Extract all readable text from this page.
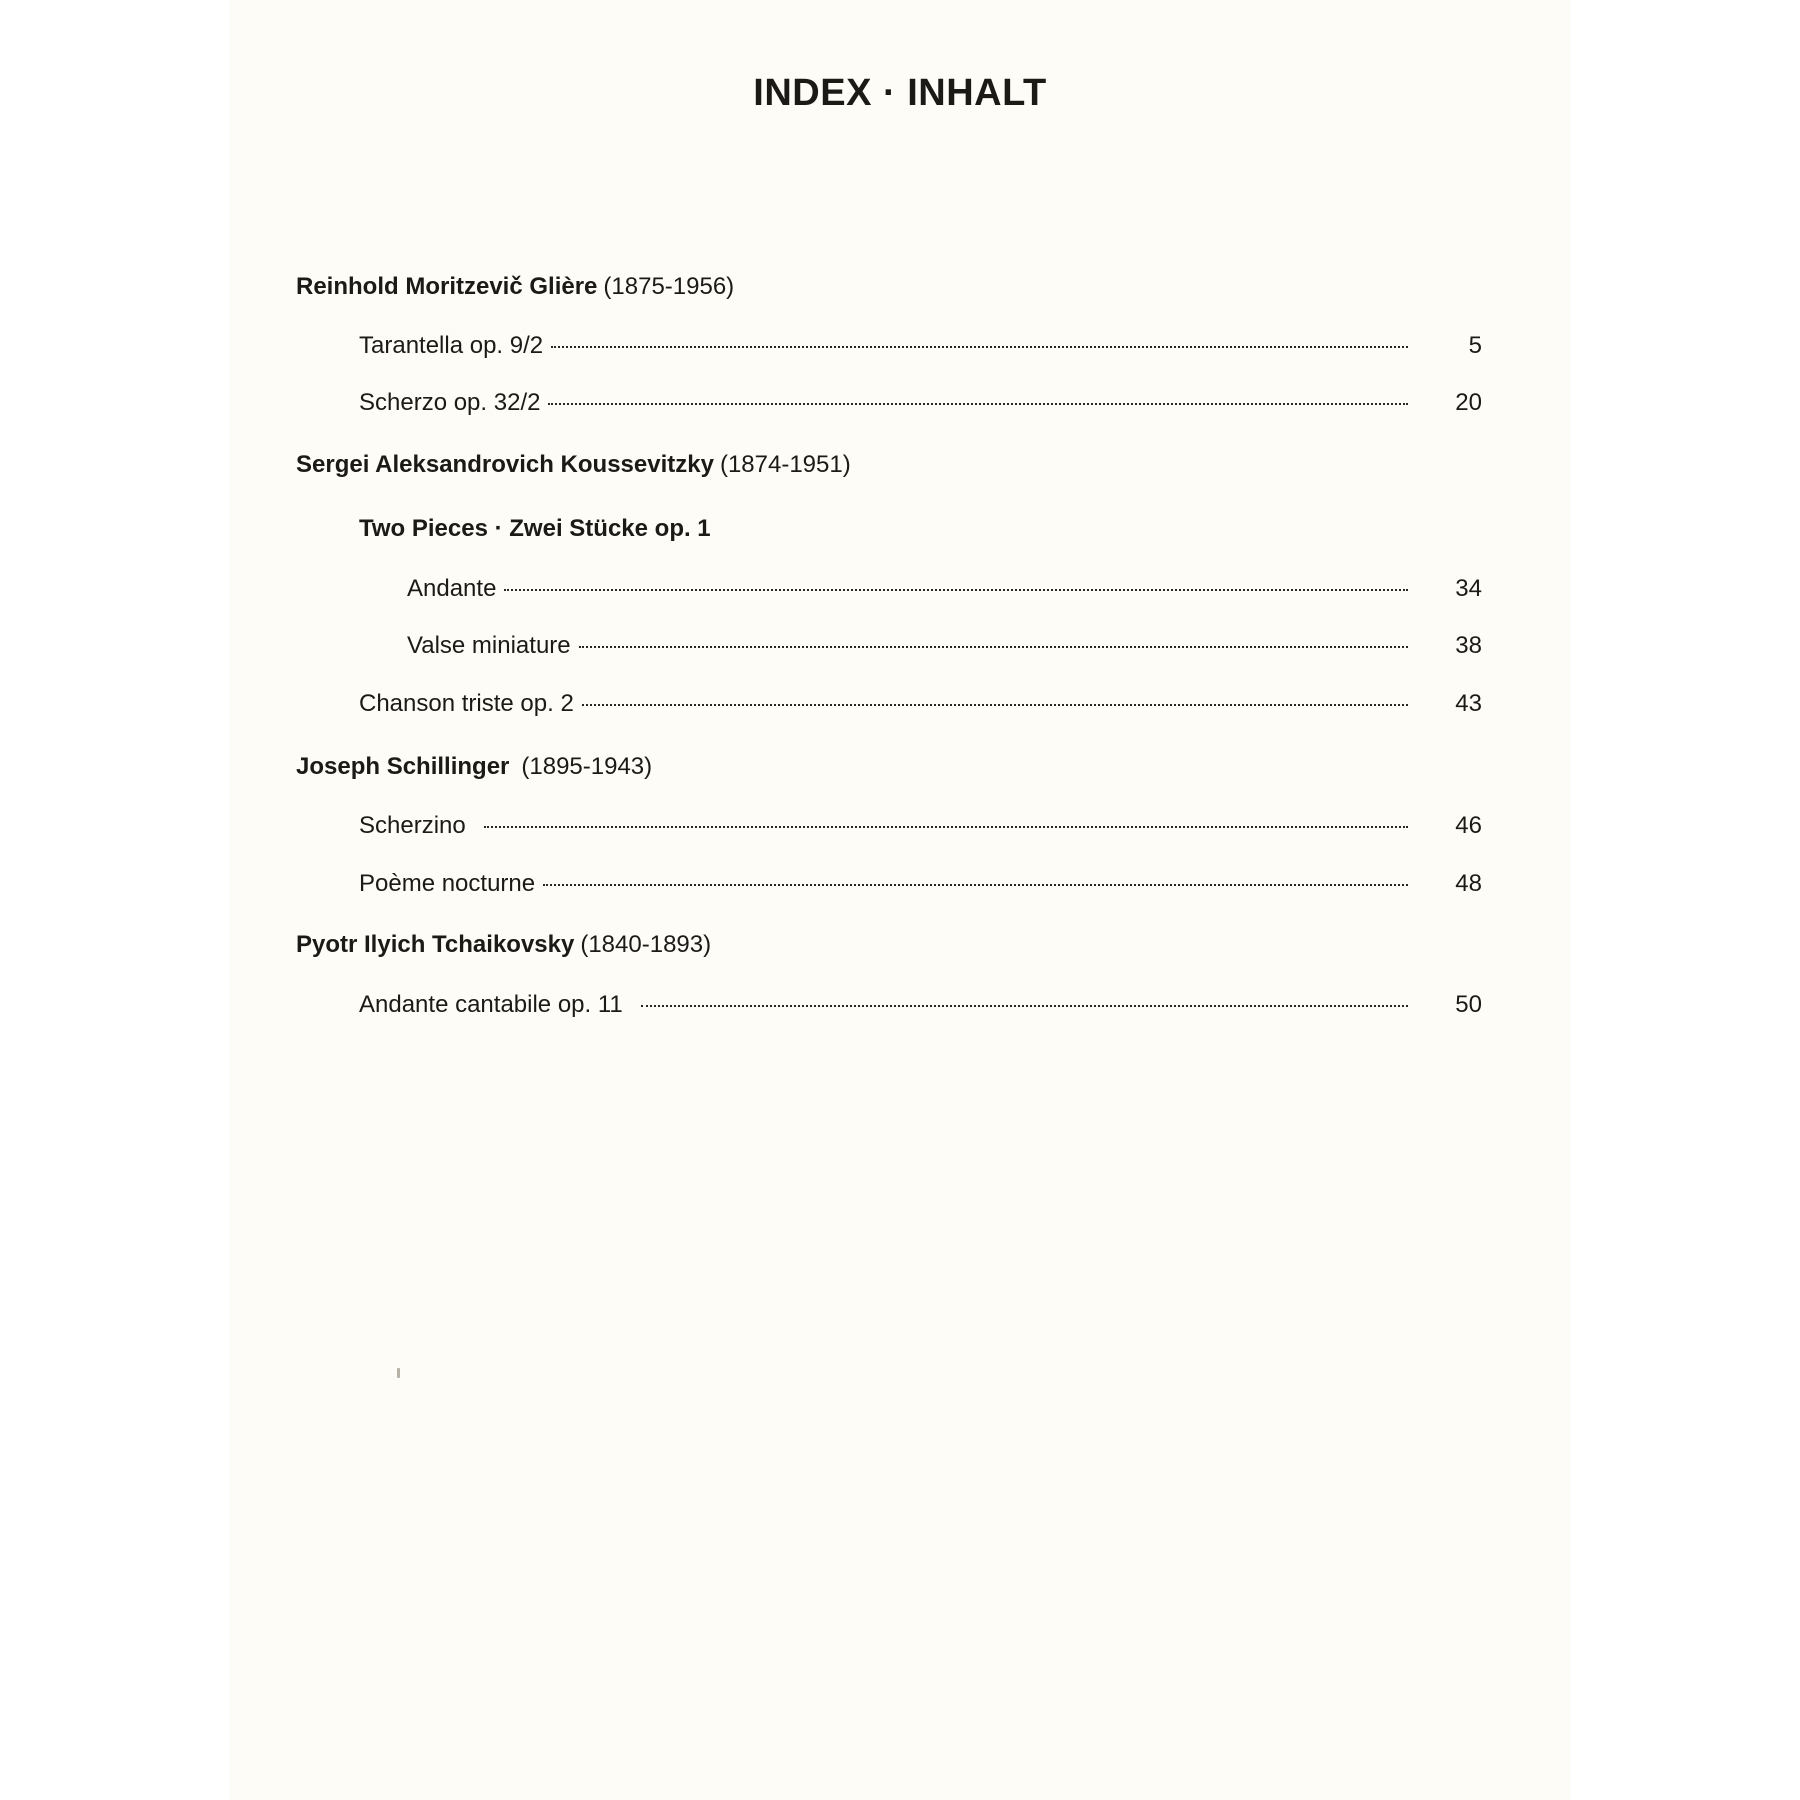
INDEX · INHALT
Reinhold Moritzevič Glière (1875-1956)
Tarantella op. 9/2	5
Scherzo op. 32/2	20
Sergei Aleksandrovich Koussevitzky (1874-1951)
Two Pieces · Zwei Stücke op. 1
Andante	34
Valse miniature	38
Chanson triste op. 2	43
Joseph Schillinger (1895-1943)
Scherzino	46
Poème nocturne	48
Pyotr Ilyich Tchaikovsky (1840-1893)
Andante cantabile op. 11	50
